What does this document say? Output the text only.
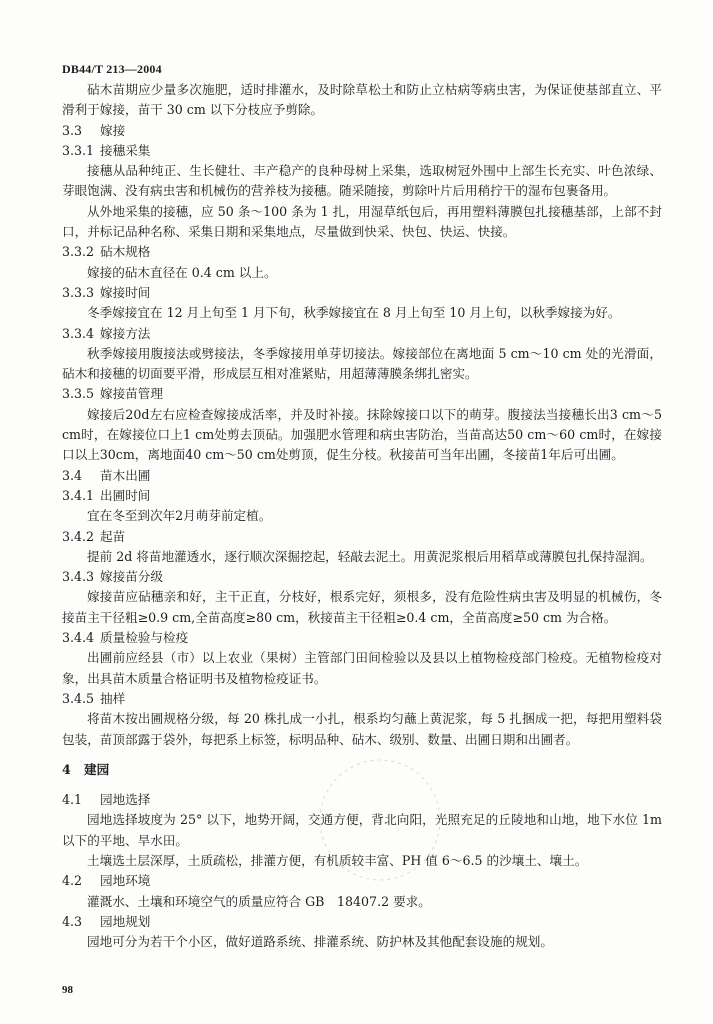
DB44/T 213—2004
砧木苗期应少量多次施肥，适时排灌水，及时除草松土和防止立枯病等病虫害，为保证使基部直立、平滑利于嫁接，苗干 30 cm 以下分枝应予剪除。
3.3 嫁接
3.3.1 接穗采集
接穗从品种纯正、生长健壮、丰产稳产的良种母树上采集，选取树冠外围中上部生长充实、叶色浓绿、芽眼饱满、没有病虫害和机械伤的营养枝为接穗。随采随接，剪除叶片后用稍拧干的湿布包裹备用。
从外地采集的接穗，应 50 条～100 条为 1 扎，用湿草纸包后，再用塑料薄膜包扎接穗基部，上部不封口，并标记品种名称、采集日期和采集地点，尽量做到快采、快包、快运、快接。
3.3.2 砧木规格
嫁接的砧木直径在 0.4 cm 以上。
3.3.3 嫁接时间
冬季嫁接宜在 12 月上旬至 1 月下旬，秋季嫁接宜在 8 月上旬至 10 月上旬，以秋季嫁接为好。
3.3.4 嫁接方法
秋季嫁接用腹接法或劈接法，冬季嫁接用单芽切接法。嫁接部位在离地面 5 cm～10 cm 处的光滑面，砧木和接穗的切面要平滑，形成层互相对准紧贴，用超薄薄膜条绑扎密实。
3.3.5 嫁接苗管理
嫁接后20d左右应检查嫁接成活率，并及时补接。抹除嫁接口以下的萌芽。腹接法当接穗长出3 cm～5 cm时，在嫁接位口上1 cm处剪去顶砧。加强肥水管理和病虫害防治，当苗高达50 cm～60 cm时，在嫁接口以上30cm，离地面40 cm～50 cm处剪顶，促生分枝。秋接苗可当年出圃，冬接苗1年后可出圃。
3.4 苗木出圃
3.4.1 出圃时间
宜在冬至到次年2月萌芽前定植。
3.4.2 起苗
提前 2d 将苗地灌透水，逐行顺次深掘挖起，轻敲去泥土。用黄泥浆根后用稻草或薄膜包扎保持湿润。
3.4.3 嫁接苗分级
嫁接苗应砧穗亲和好，主干正直，分枝好，根系完好，须根多，没有危险性病虫害及明显的机械伤，冬接苗主干径粗≥0.9 cm,全苗高度≥80 cm，秋接苗主干径粗≥0.4 cm，全苗高度≥50 cm 为合格。
3.4.4 质量检验与检疫
出圃前应经县（市）以上农业（果树）主管部门田间检验以及县以上植物检疫部门检疫。无植物检疫对象，出具苗木质量合格证明书及植物检疫证书。
3.4.5 抽样
将苗木按出圃规格分级，每 20 株扎成一小扎，根系均匀蘸上黄泥浆，每 5 扎捆成一把，每把用塑料袋包装，苗顶部露于袋外，每把系上标签，标明品种、砧木、级别、数量、出圃日期和出圃者。
4 建园
4.1 园地选择
园地选择坡度为 25° 以下，地势开阔，交通方便，背北向阳，光照充足的丘陵地和山地，地下水位 1m 以下的平地、旱水田。
土壤选土层深厚，土质疏松，排灌方便，有机质较丰富、PH 值 6～6.5 的沙壤土、壤土。
4.2 园地环境
灌溉水、土壤和环境空气的质量应符合 GB　18407.2 要求。
4.3 园地规划
园地可分为若干个小区，做好道路系统、排灌系统、防护林及其他配套设施的规划。
98
